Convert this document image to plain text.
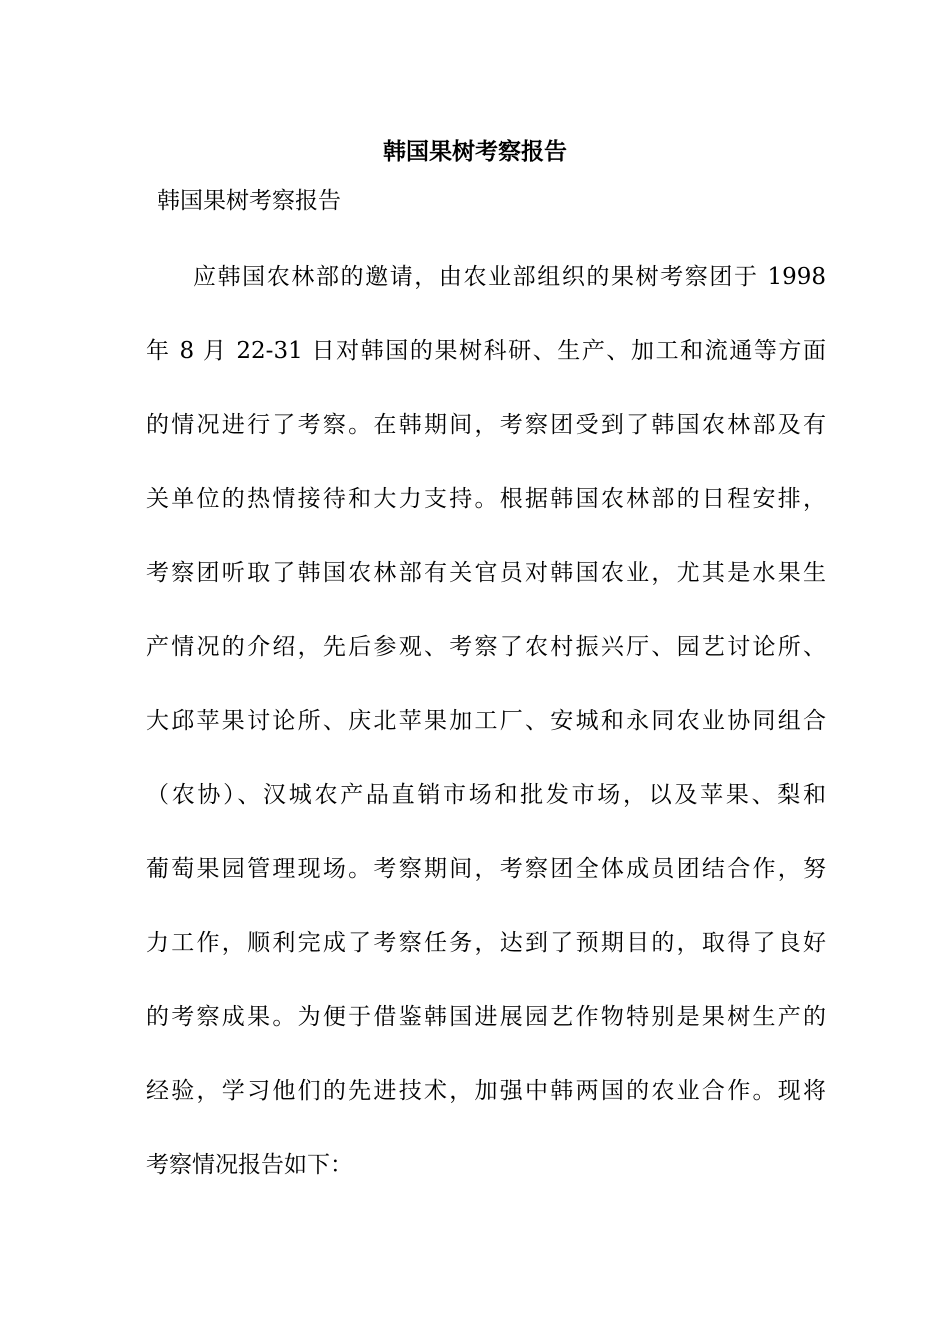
韩国果树考察报告
韩国果树考察报告
应韩国农林部的邀请，由农业部组织的果树考察团于 1998
年 8 月 22-31 日对韩国的果树科研、生产、加工和流通等方面
的情况进行了考察。在韩期间，考察团受到了韩国农林部及有
关单位的热情接待和大力支持。根据韩国农林部的日程安排，
考察团听取了韩国农林部有关官员对韩国农业，尤其是水果生
产情况的介绍，先后参观、考察了农村振兴厅、园艺讨论所、
大邱苹果讨论所、庆北苹果加工厂、安城和永同农业协同组合
（农协）、汉城农产品直销市场和批发市场，以及苹果、梨和
葡萄果园管理现场。考察期间，考察团全体成员团结合作，努
力工作，顺利完成了考察任务，达到了预期目的，取得了良好
的考察成果。为便于借鉴韩国进展园艺作物特别是果树生产的
经验，学习他们的先进技术，加强中韩两国的农业合作。现将
考察情况报告如下：
